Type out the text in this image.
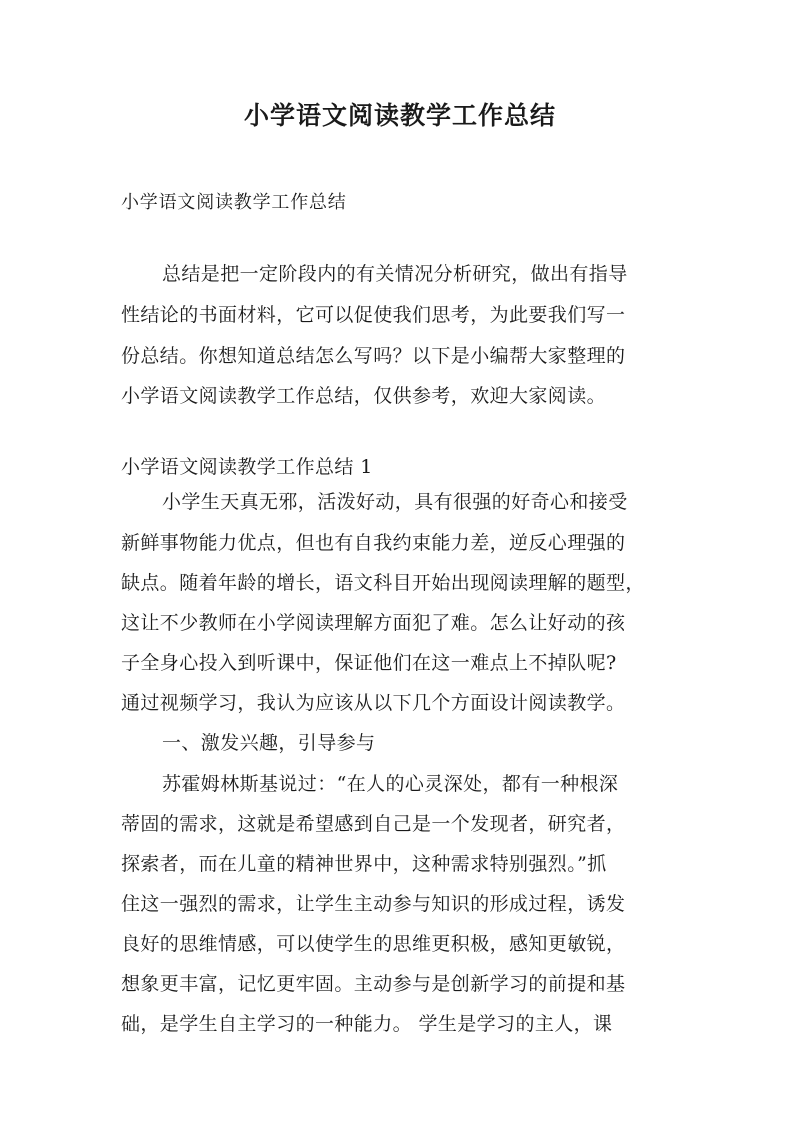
小学语文阅读教学工作总结

小学语文阅读教学工作总结

总结是把一定阶段内的有关情况分析研究，做出有指导

性结论的书面材料，它可以促使我们思考，为此要我们写一

份总结。你想知道总结怎么写吗？以下是小编帮大家整理的

小学语文阅读教学工作总结，仅供参考，欢迎大家阅读。

小学语文阅读教学工作总结 1

小学生天真无邪，活泼好动，具有很强的好奇心和接受

新鲜事物能力优点，但也有自我约束能力差，逆反心理强的

缺点。随着年龄的增长，语文科目开始出现阅读理解的题型，

这让不少教师在小学阅读理解方面犯了难。怎么让好动的孩

子全身心投入到听课中，保证他们在这一难点上不掉队呢?

通过视频学习，我认为应该从以下几个方面设计阅读教学。

一、激发兴趣，引导参与

苏霍姆林斯基说过：“在人的心灵深处，都有一种根深

蒂固的需求，这就是希望感到自己是一个发现者，研究者，

探索者，而在儿童的精神世界中，这种需求特别强烈。”抓

住这一强烈的需求，让学生主动参与知识的形成过程，诱发

良好的思维情感，可以使学生的思维更积极，感知更敏锐，

想象更丰富，记忆更牢固。主动参与是创新学习的前提和基

础，是学生自主学习的一种能力。 学生是学习的主人，课
